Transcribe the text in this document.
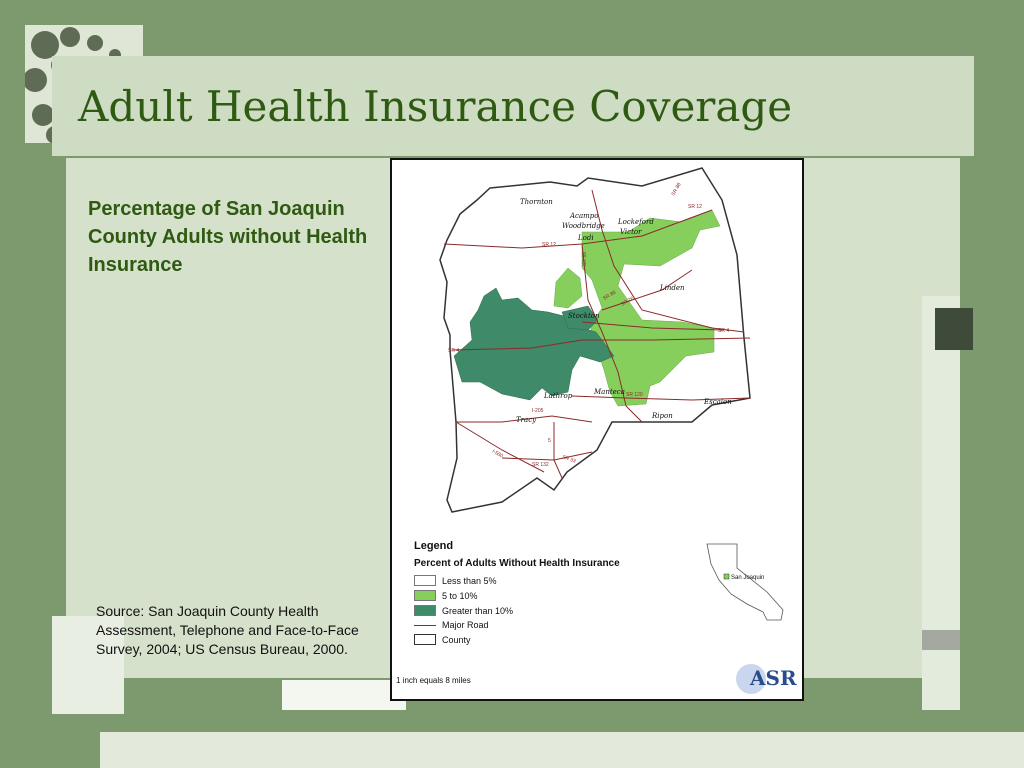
Adult Health Insurance Coverage
Percentage of San Joaquin County Adults without Health Insurance
Source: San Joaquin County Health Assessment, Telephone and Face-to-Face Survey, 2004; US Census Bureau, 2000.
Thornton
Acampo
Woodbridge
Lodi
Lockeford
Victor
Linden
Stockton
Lathrop	Manteca
Escalon
Tracy	Ripon
SR 88
SR 12
SR 12
SR 99
SR 88 SR 26
SR 4
SR 4
SR 120
I-205
I-580
SR 132
5
SR 33
Legend
Percent of Adults Without Health Insurance
Less than 5%
5 to 10%
Greater than 10%
Major Road
County
San Joaquin
1 inch equals 8 miles	ASR
